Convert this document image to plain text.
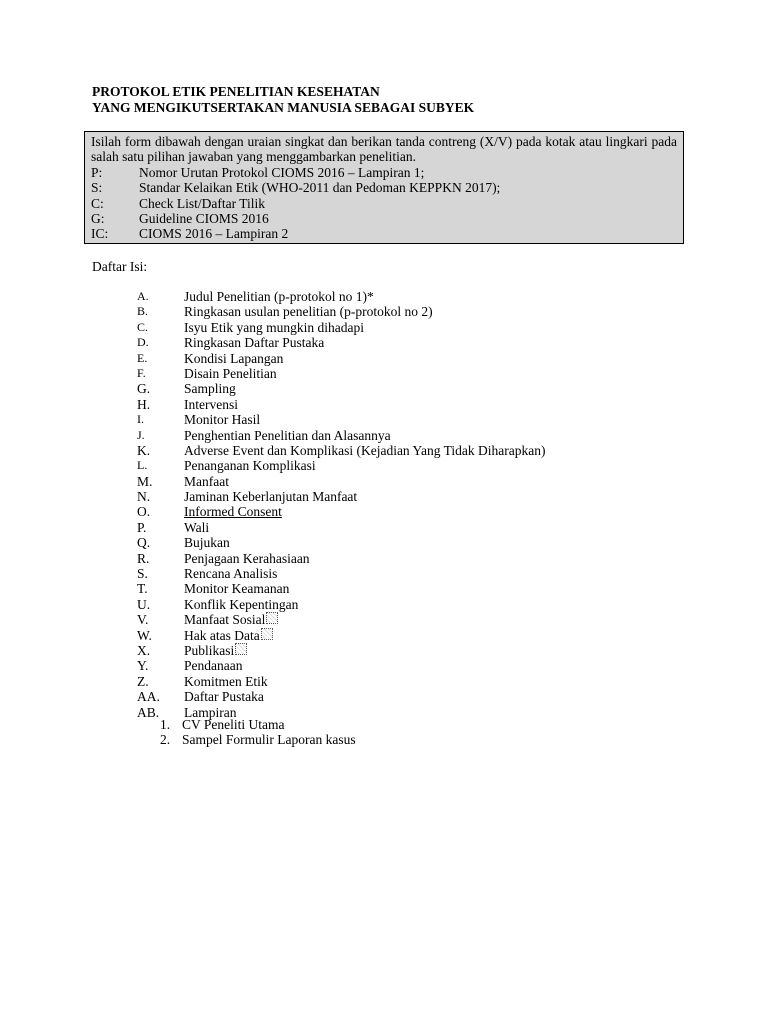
PROTOKOL ETIK PENELITIAN KESEHATAN
YANG MENGIKUTSERTAKAN MANUSIA SEBAGAI SUBYEK
Isilah form dibawah dengan uraian singkat dan berikan tanda contreng (X/V) pada kotak atau lingkari pada salah satu pilihan jawaban yang menggambarkan penelitian.
P:	Nomor Urutan Protokol CIOMS 2016 – Lampiran 1;
S:	Standar Kelaikan Etik (WHO-2011 dan Pedoman KEPPKN 2017);
C:	Check List/Daftar Tilik
G:	Guideline CIOMS 2016
IC:	CIOMS 2016 – Lampiran 2
Daftar Isi:
A.	Judul Penelitian (p-protokol no 1)*
B.	Ringkasan usulan penelitian (p-protokol no 2)
C.	Isyu Etik yang mungkin dihadapi
D.	Ringkasan Daftar Pustaka
E.	Kondisi Lapangan
F.	Disain Penelitian
G.	Sampling
H.	Intervensi
I.	Monitor Hasil
J.	Penghentian Penelitian dan Alasannya
K.	Adverse Event dan Komplikasi (Kejadian Yang Tidak Diharapkan)
L.	Penanganan Komplikasi
M.	Manfaat
N.	Jaminan Keberlanjutan Manfaat
O.	Informed Consent
P.	Wali
Q.	Bujukan
R.	Penjagaan Kerahasiaan
S.	Rencana Analisis
T.	Monitor Keamanan
U.	Konflik Kepentingan
V.	Manfaat Sosial
W.	Hak atas Data
X.	Publikasi
Y.	Pendanaan
Z.	Komitmen Etik
AA.	Daftar Pustaka
AB.	Lampiran
1. CV Peneliti Utama
2. Sampel Formulir Laporan kasus
